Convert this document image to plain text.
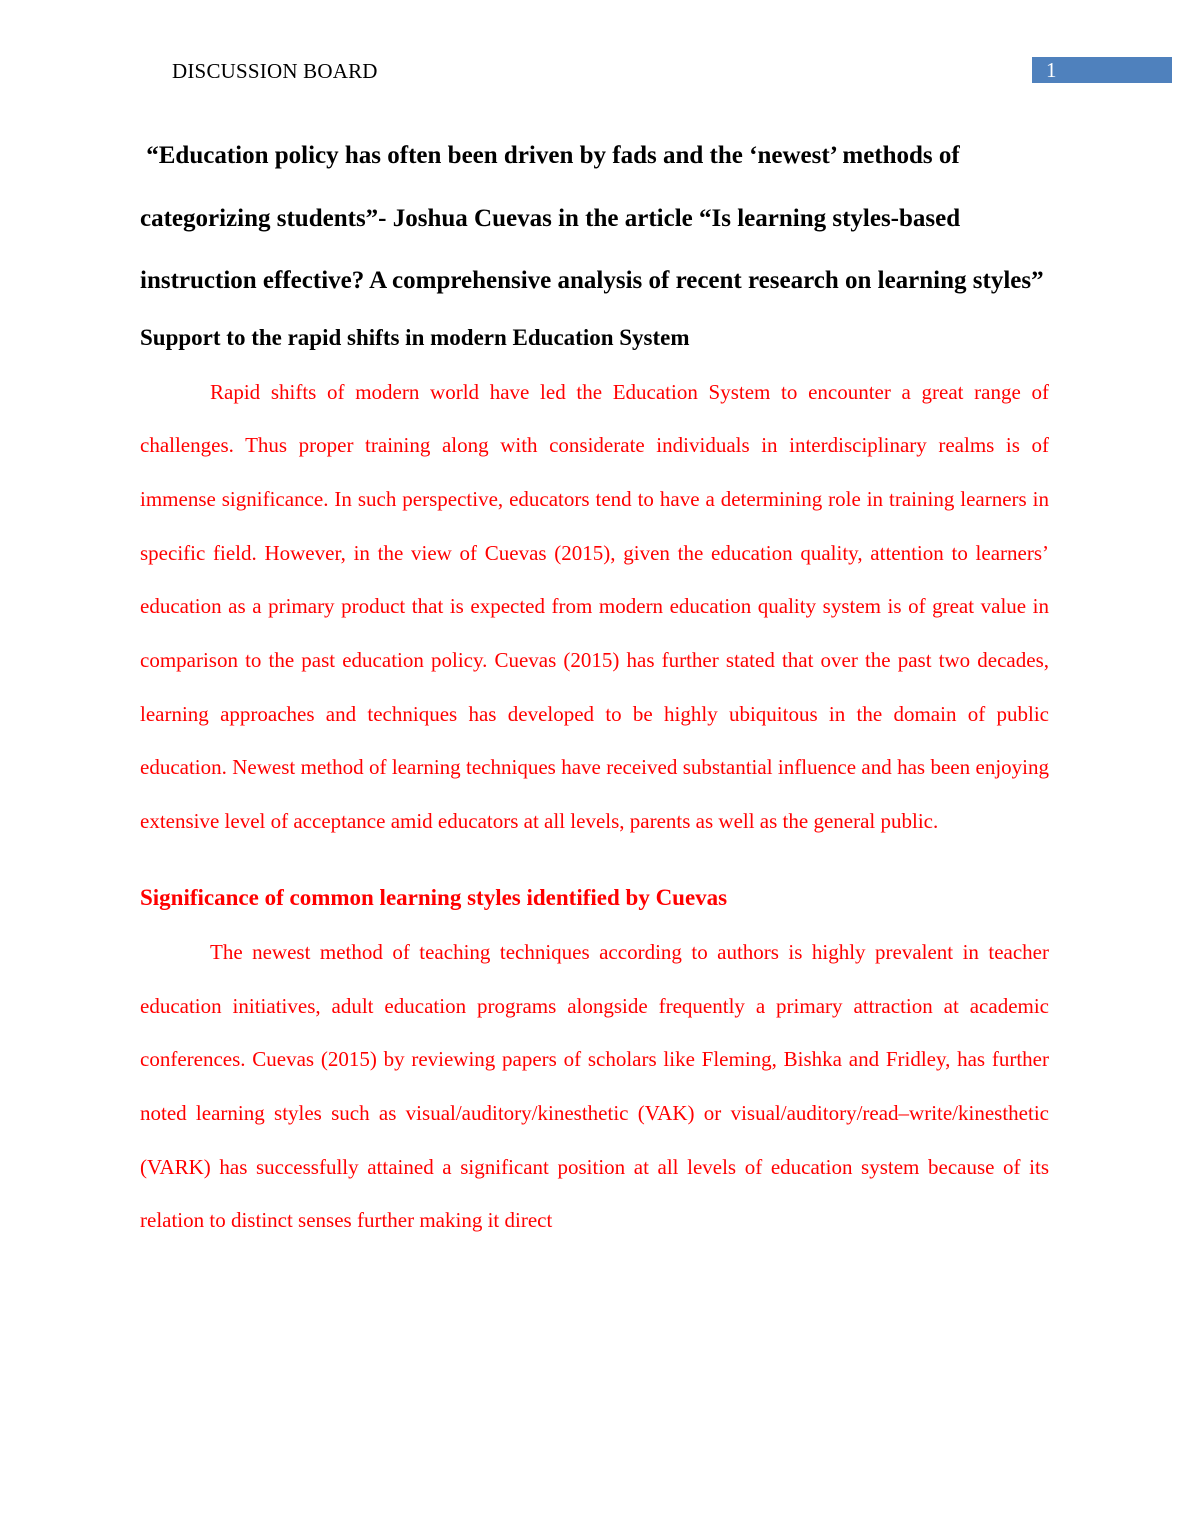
DISCUSSION BOARD	1
“Education policy has often been driven by fads and the ‘newest’ methods of categorizing students”- Joshua Cuevas in the article “Is learning styles-based instruction effective? A comprehensive analysis of recent research on learning styles”
Support to the rapid shifts in modern Education System

Rapid shifts of modern world have led the Education System to encounter a great range of challenges. Thus proper training along with considerate individuals in interdisciplinary realms is of immense significance. In such perspective, educators tend to have a determining role in training learners in specific field. However, in the view of Cuevas (2015), given the education quality, attention to learners’ education as a primary product that is expected from modern education quality system is of great value in comparison to the past education policy. Cuevas (2015) has further stated that over the past two decades, learning approaches and techniques has developed to be highly ubiquitous in the domain of public education. Newest method of learning techniques have received substantial influence and has been enjoying extensive level of acceptance amid educators at all levels, parents as well as the general public.

Significance of common learning styles identified by Cuevas

The newest method of teaching techniques according to authors is highly prevalent in teacher education initiatives, adult education programs alongside frequently a primary attraction at academic conferences. Cuevas (2015) by reviewing papers of scholars like Fleming, Bishka and Fridley, has further noted learning styles such as visual/auditory/kinesthetic (VAK) or visual/auditory/read–write/kinesthetic (VARK) has successfully attained a significant position at all levels of education system because of its relation to distinct senses further making it direct
